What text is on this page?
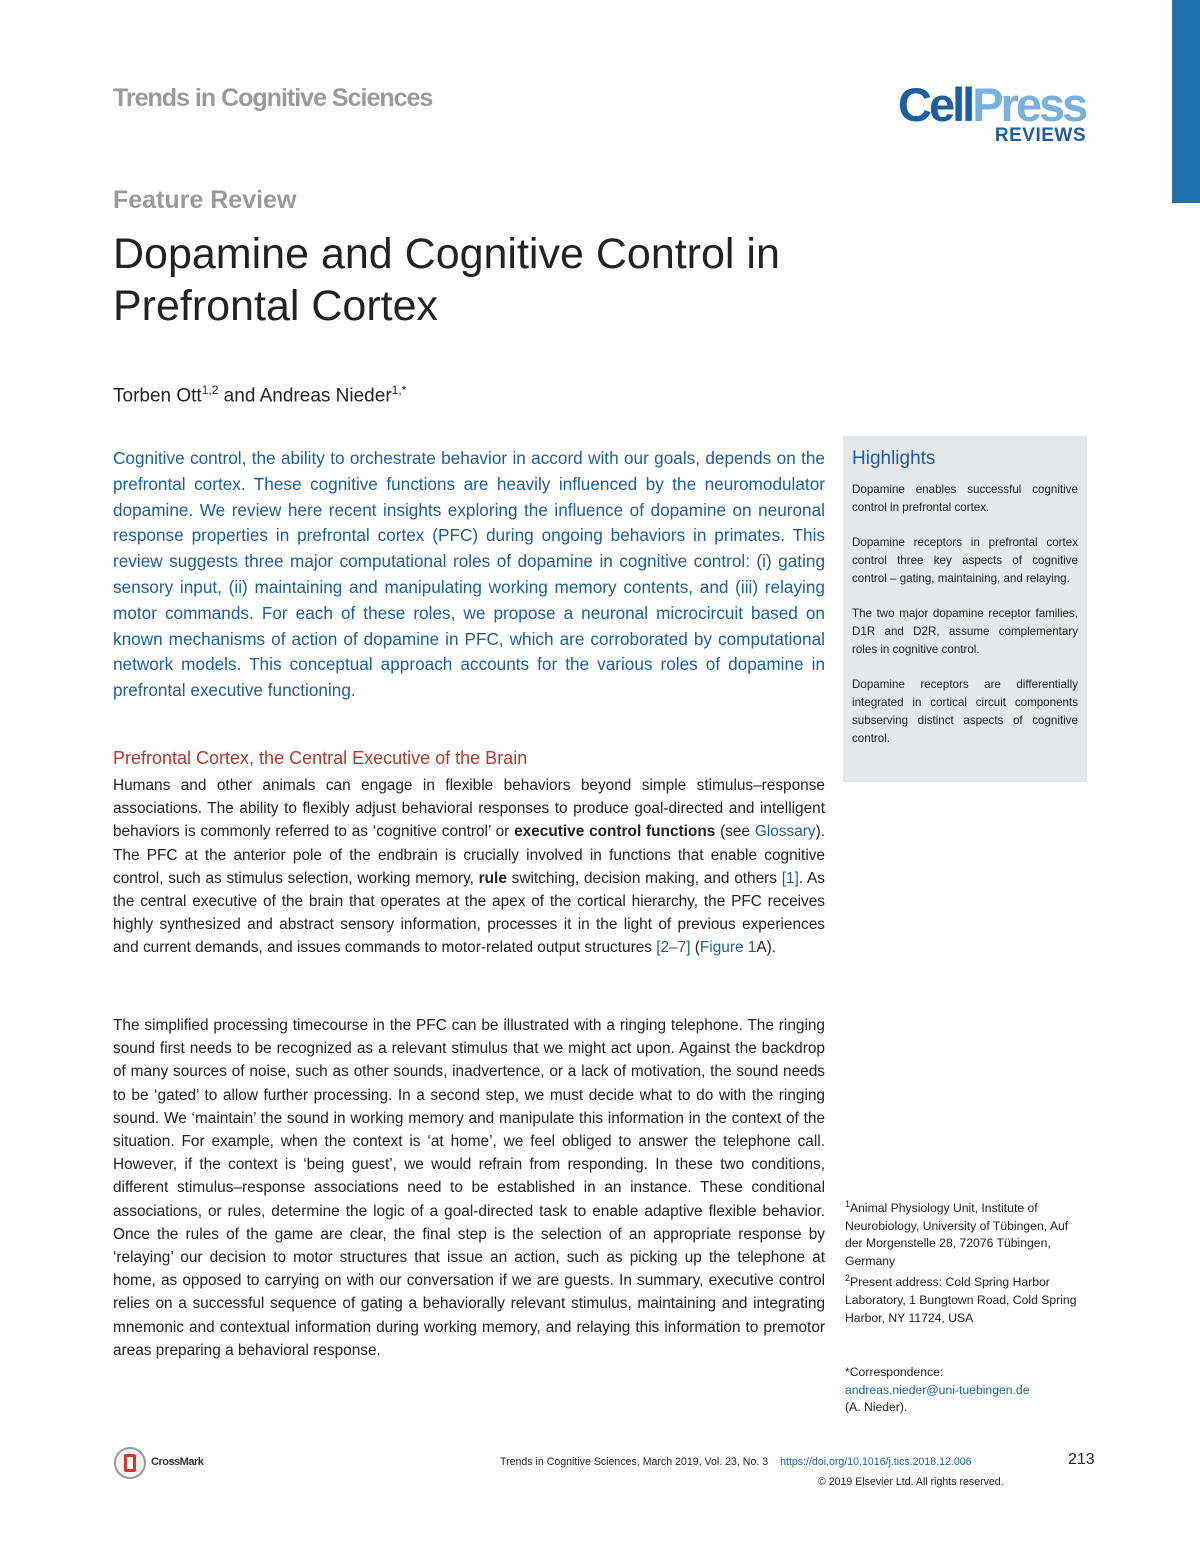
Trends in Cognitive Sciences	CellPress
REVIEWS
Feature Review
Dopamine and Cognitive Control in Prefrontal Cortex
Torben Ott$^{1,2}$ and Andreas Nieder$^{1,*}$

Cognitive control, the ability to orchestrate behavior in accord with our goals, depends on the prefrontal cortex. These cognitive functions are heavily influenced by the neuromodulator dopamine. We review here recent insights exploring the influence of dopamine on neuronal response properties in prefrontal cortex (PFC) during ongoing behaviors in primates. This review suggests three major computational roles of dopamine in cognitive control: (i) gating sensory input, (ii) maintaining and manipulating working memory contents, and (iii) relaying motor commands. For each of these roles, we propose a neuronal microcircuit based on known mechanisms of action of dopamine in PFC, which are corroborated by computational network models. This conceptual approach accounts for the various roles of dopamine in prefrontal executive functioning.

Prefrontal Cortex, the Central Executive of the Brain

Humans and other animals can engage in flexible behaviors beyond simple stimulus–response associations. The ability to flexibly adjust behavioral responses to produce goal-directed and intelligent behaviors is commonly referred to as ‘cognitive control’ or executive control functions (see Glossary). The PFC at the anterior pole of the endbrain is crucially involved in functions that enable cognitive control, such as stimulus selection, working memory, rule switching, decision making, and others [1]. As the central executive of the brain that operates at the apex of the cortical hierarchy, the PFC receives highly synthesized and abstract sensory information, processes it in the light of previous experiences and current demands, and issues commands to motor-related output structures [2–7] (Figure 1A).

The simplified processing timecourse in the PFC can be illustrated with a ringing telephone. The ringing sound first needs to be recognized as a relevant stimulus that we might act upon. Against the backdrop of many sources of noise, such as other sounds, inadvertence, or a lack of motivation, the sound needs to be ‘gated’ to allow further processing. In a second step, we must decide what to do with the ringing sound. We ‘maintain’ the sound in working memory and manipulate this information in the context of the situation. For example, when the context is ‘at home’, we feel obliged to answer the telephone call. However, if the context is ‘being guest’, we would refrain from responding. In these two conditions, different stimulus–response associations need to be established in an instance. These conditional associations, or rules, determine the logic of a goal-directed task to enable adaptive flexible behavior. Once the rules of the game are clear, the final step is the selection of an appropriate response by ‘relaying’ our decision to motor structures that issue an action, such as picking up the telephone at home, as opposed to carrying on with our conversation if we are guests. In summary, executive control relies on a successful sequence of gating a behaviorally relevant stimulus, maintaining and integrating mnemonic and contextual information during working memory, and relaying this information to premotor areas preparing a behavioral response.

Highlights

Dopamine enables successful cognitive control in prefrontal cortex.

Dopamine receptors in prefrontal cortex control three key aspects of cognitive control – gating, maintaining, and relaying.

The two major dopamine receptor families, D1R and D2R, assume complementary roles in cognitive control.

Dopamine receptors are differentially integrated in cortical circuit components subserving distinct aspects of cognitive control.

$^1$Animal Physiology Unit, Institute of Neurobiology, University of Tübingen, Auf der Morgenstelle 28, 72076 Tübingen, Germany

$^2$Present address: Cold Spring Harbor Laboratory, 1 Bungtown Road, Cold Spring Harbor, NY 11724, USA

*Correspondence:

andreas.nieder@uni-tuebingen.de

(A. Nieder).

CrossMark	Trends in Cognitive Sciences, March 2019, Vol. 23, No. 3 https://doi.org/10.1016/j.tics.2018.12.006	213
© 2019 Elsevier Ltd. All rights reserved.
